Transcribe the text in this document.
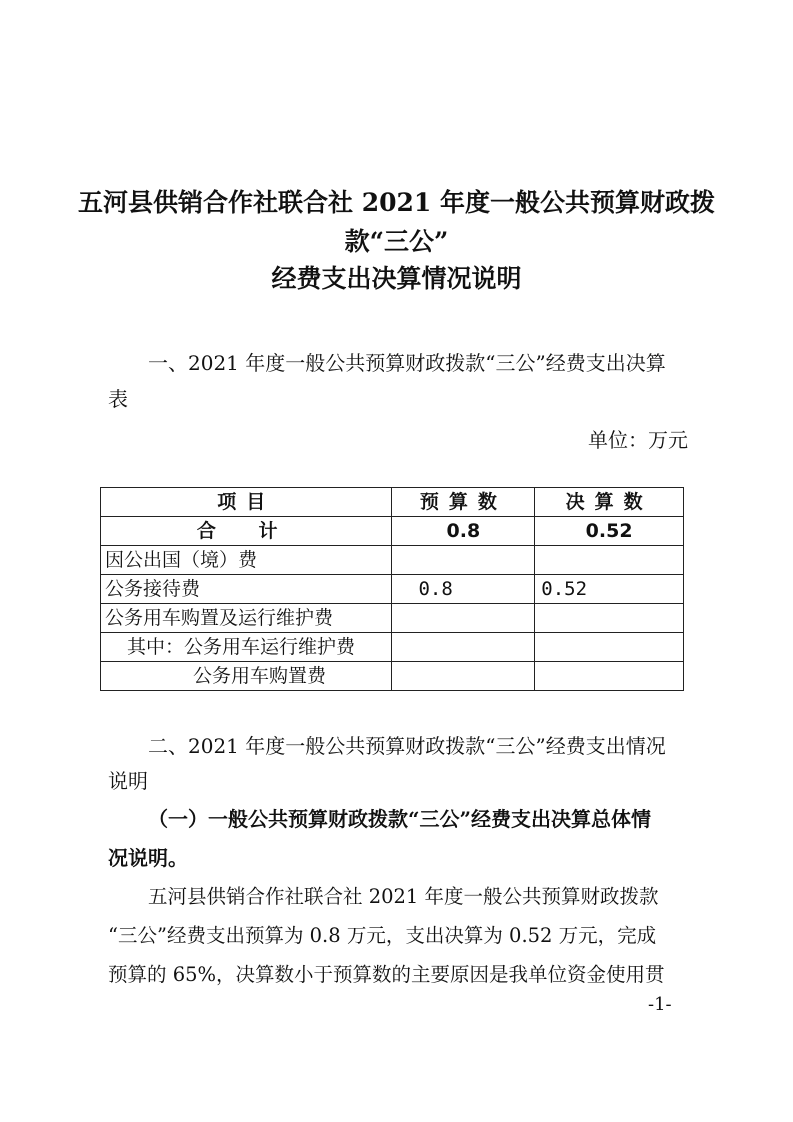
五河县供销合作社联合社 2021 年度一般公共预算财政拨
款“三公”
经费支出决算情况说明
一、2021 年度一般公共预算财政拨款“三公”经费支出决算
表
单位：万元
项目	预算数	决算数
合 计	0.8	0.52
因公出国（境）费		
公务接待费	0.8	0.52
公务用车购置及运行维护费		
其中：公务用车运行维护费		
公务用车购置费		
二、2021 年度一般公共预算财政拨款“三公”经费支出情况
说明
（一）一般公共预算财政拨款“三公”经费支出决算总体情
况说明。
五河县供销合作社联合社 2021 年度一般公共预算财政拨款
“三公”经费支出预算为 0.8 万元，支出决算为 0.52 万元，完成
预算的 65%，决算数小于预算数的主要原因是我单位资金使用贯
-1-
